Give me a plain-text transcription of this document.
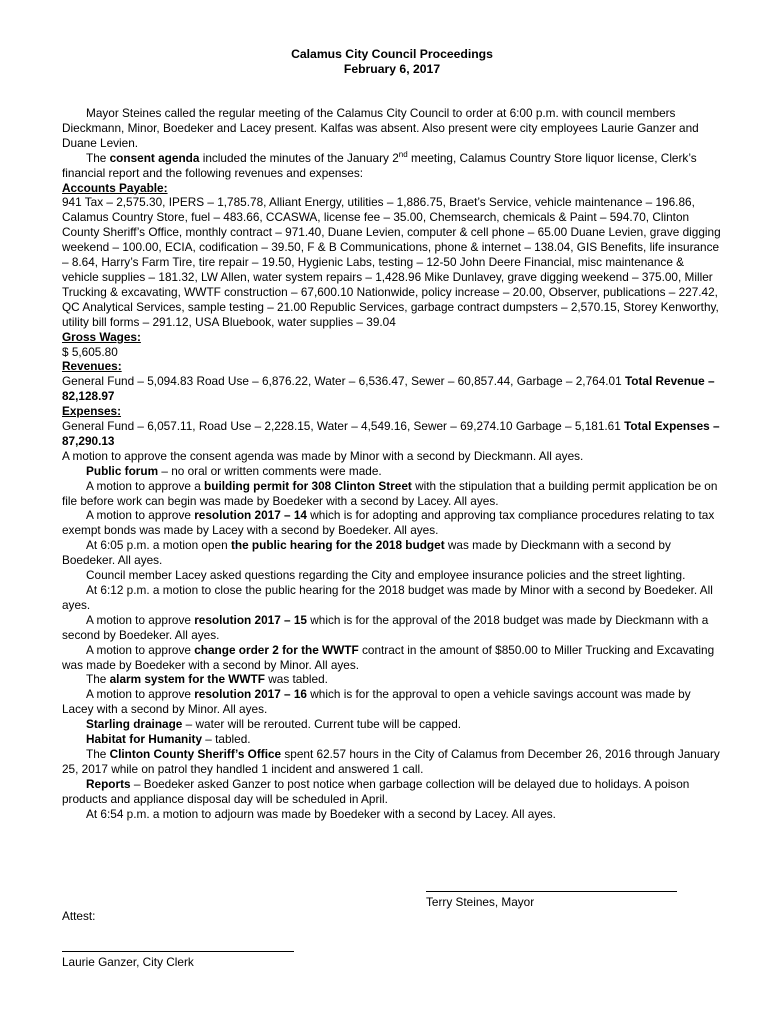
Calamus City Council Proceedings
February 6, 2017

Mayor Steines called the regular meeting of the Calamus City Council to order at 6:00 p.m. with council members Dieckmann, Minor, Boedeker and Lacey present. Kalfas was absent. Also present were city employees Laurie Ganzer and Duane Levien.

The consent agenda included the minutes of the January 2nd meeting, Calamus Country Store liquor license, Clerk’s financial report and the following revenues and expenses:

Accounts Payable:

941 Tax – 2,575.30, IPERS – 1,785.78, Alliant Energy, utilities – 1,886.75, Braet’s Service, vehicle maintenance – 196.86, Calamus Country Store, fuel – 483.66, CCASWA, license fee – 35.00, Chemsearch, chemicals & Paint – 594.70, Clinton County Sheriff’s Office, monthly contract – 971.40, Duane Levien, computer & cell phone – 65.00 Duane Levien, grave digging weekend – 100.00, ECIA, codification – 39.50, F & B Communications, phone & internet – 138.04, GIS Benefits, life insurance – 8.64, Harry’s Farm Tire, tire repair – 19.50, Hygienic Labs, testing – 12-50 John Deere Financial, misc maintenance & vehicle supplies – 181.32, LW Allen, water system repairs – 1,428.96 Mike Dunlavey, grave digging weekend – 375.00, Miller Trucking & excavating, WWTF construction – 67,600.10 Nationwide, policy increase – 20.00, Observer, publications – 227.42, QC Analytical Services, sample testing – 21.00 Republic Services, garbage contract dumpsters – 2,570.15, Storey Kenworthy, utility bill forms – 291.12, USA Bluebook, water supplies – 39.04

Gross Wages:

$ 5,605.80

Revenues:

General Fund – 5,094.83 Road Use – 6,876.22, Water – 6,536.47, Sewer – 60,857.44, Garbage – 2,764.01 Total Revenue – 82,128.97

Expenses:

General Fund – 6,057.11, Road Use – 2,228.15, Water – 4,549.16, Sewer – 69,274.10 Garbage – 5,181.61 Total Expenses – 87,290.13

A motion to approve the consent agenda was made by Minor with a second by Dieckmann. All ayes.

Public forum – no oral or written comments were made.

A motion to approve a building permit for 308 Clinton Street with the stipulation that a building permit application be on file before work can begin was made by Boedeker with a second by Lacey. All ayes.

A motion to approve resolution 2017 – 14 which is for adopting and approving tax compliance procedures relating to tax exempt bonds was made by Lacey with a second by Boedeker. All ayes.

At 6:05 p.m. a motion open the public hearing for the 2018 budget was made by Dieckmann with a second by Boedeker. All ayes.

Council member Lacey asked questions regarding the City and employee insurance policies and the street lighting.

At 6:12 p.m. a motion to close the public hearing for the 2018 budget was made by Minor with a second by Boedeker. All ayes.

A motion to approve resolution 2017 – 15 which is for the approval of the 2018 budget was made by Dieckmann with a second by Boedeker. All ayes.

A motion to approve change order 2 for the WWTF contract in the amount of $850.00 to Miller Trucking and Excavating was made by Boedeker with a second by Minor. All ayes.

The alarm system for the WWTF was tabled.

A motion to approve resolution 2017 – 16 which is for the approval to open a vehicle savings account was made by Lacey with a second by Minor. All ayes.

Starling drainage – water will be rerouted. Current tube will be capped.

Habitat for Humanity – tabled.

The Clinton County Sheriff’s Office spent 62.57 hours in the City of Calamus from December 26, 2016 through January 25, 2017 while on patrol they handled 1 incident and answered 1 call.

Reports – Boedeker asked Ganzer to post notice when garbage collection will be delayed due to holidays. A poison products and appliance disposal day will be scheduled in April.

At 6:54 p.m. a motion to adjourn was made by Boedeker with a second by Lacey. All ayes.

Terry Steines, Mayor
Attest:
Laurie Ganzer, City Clerk
